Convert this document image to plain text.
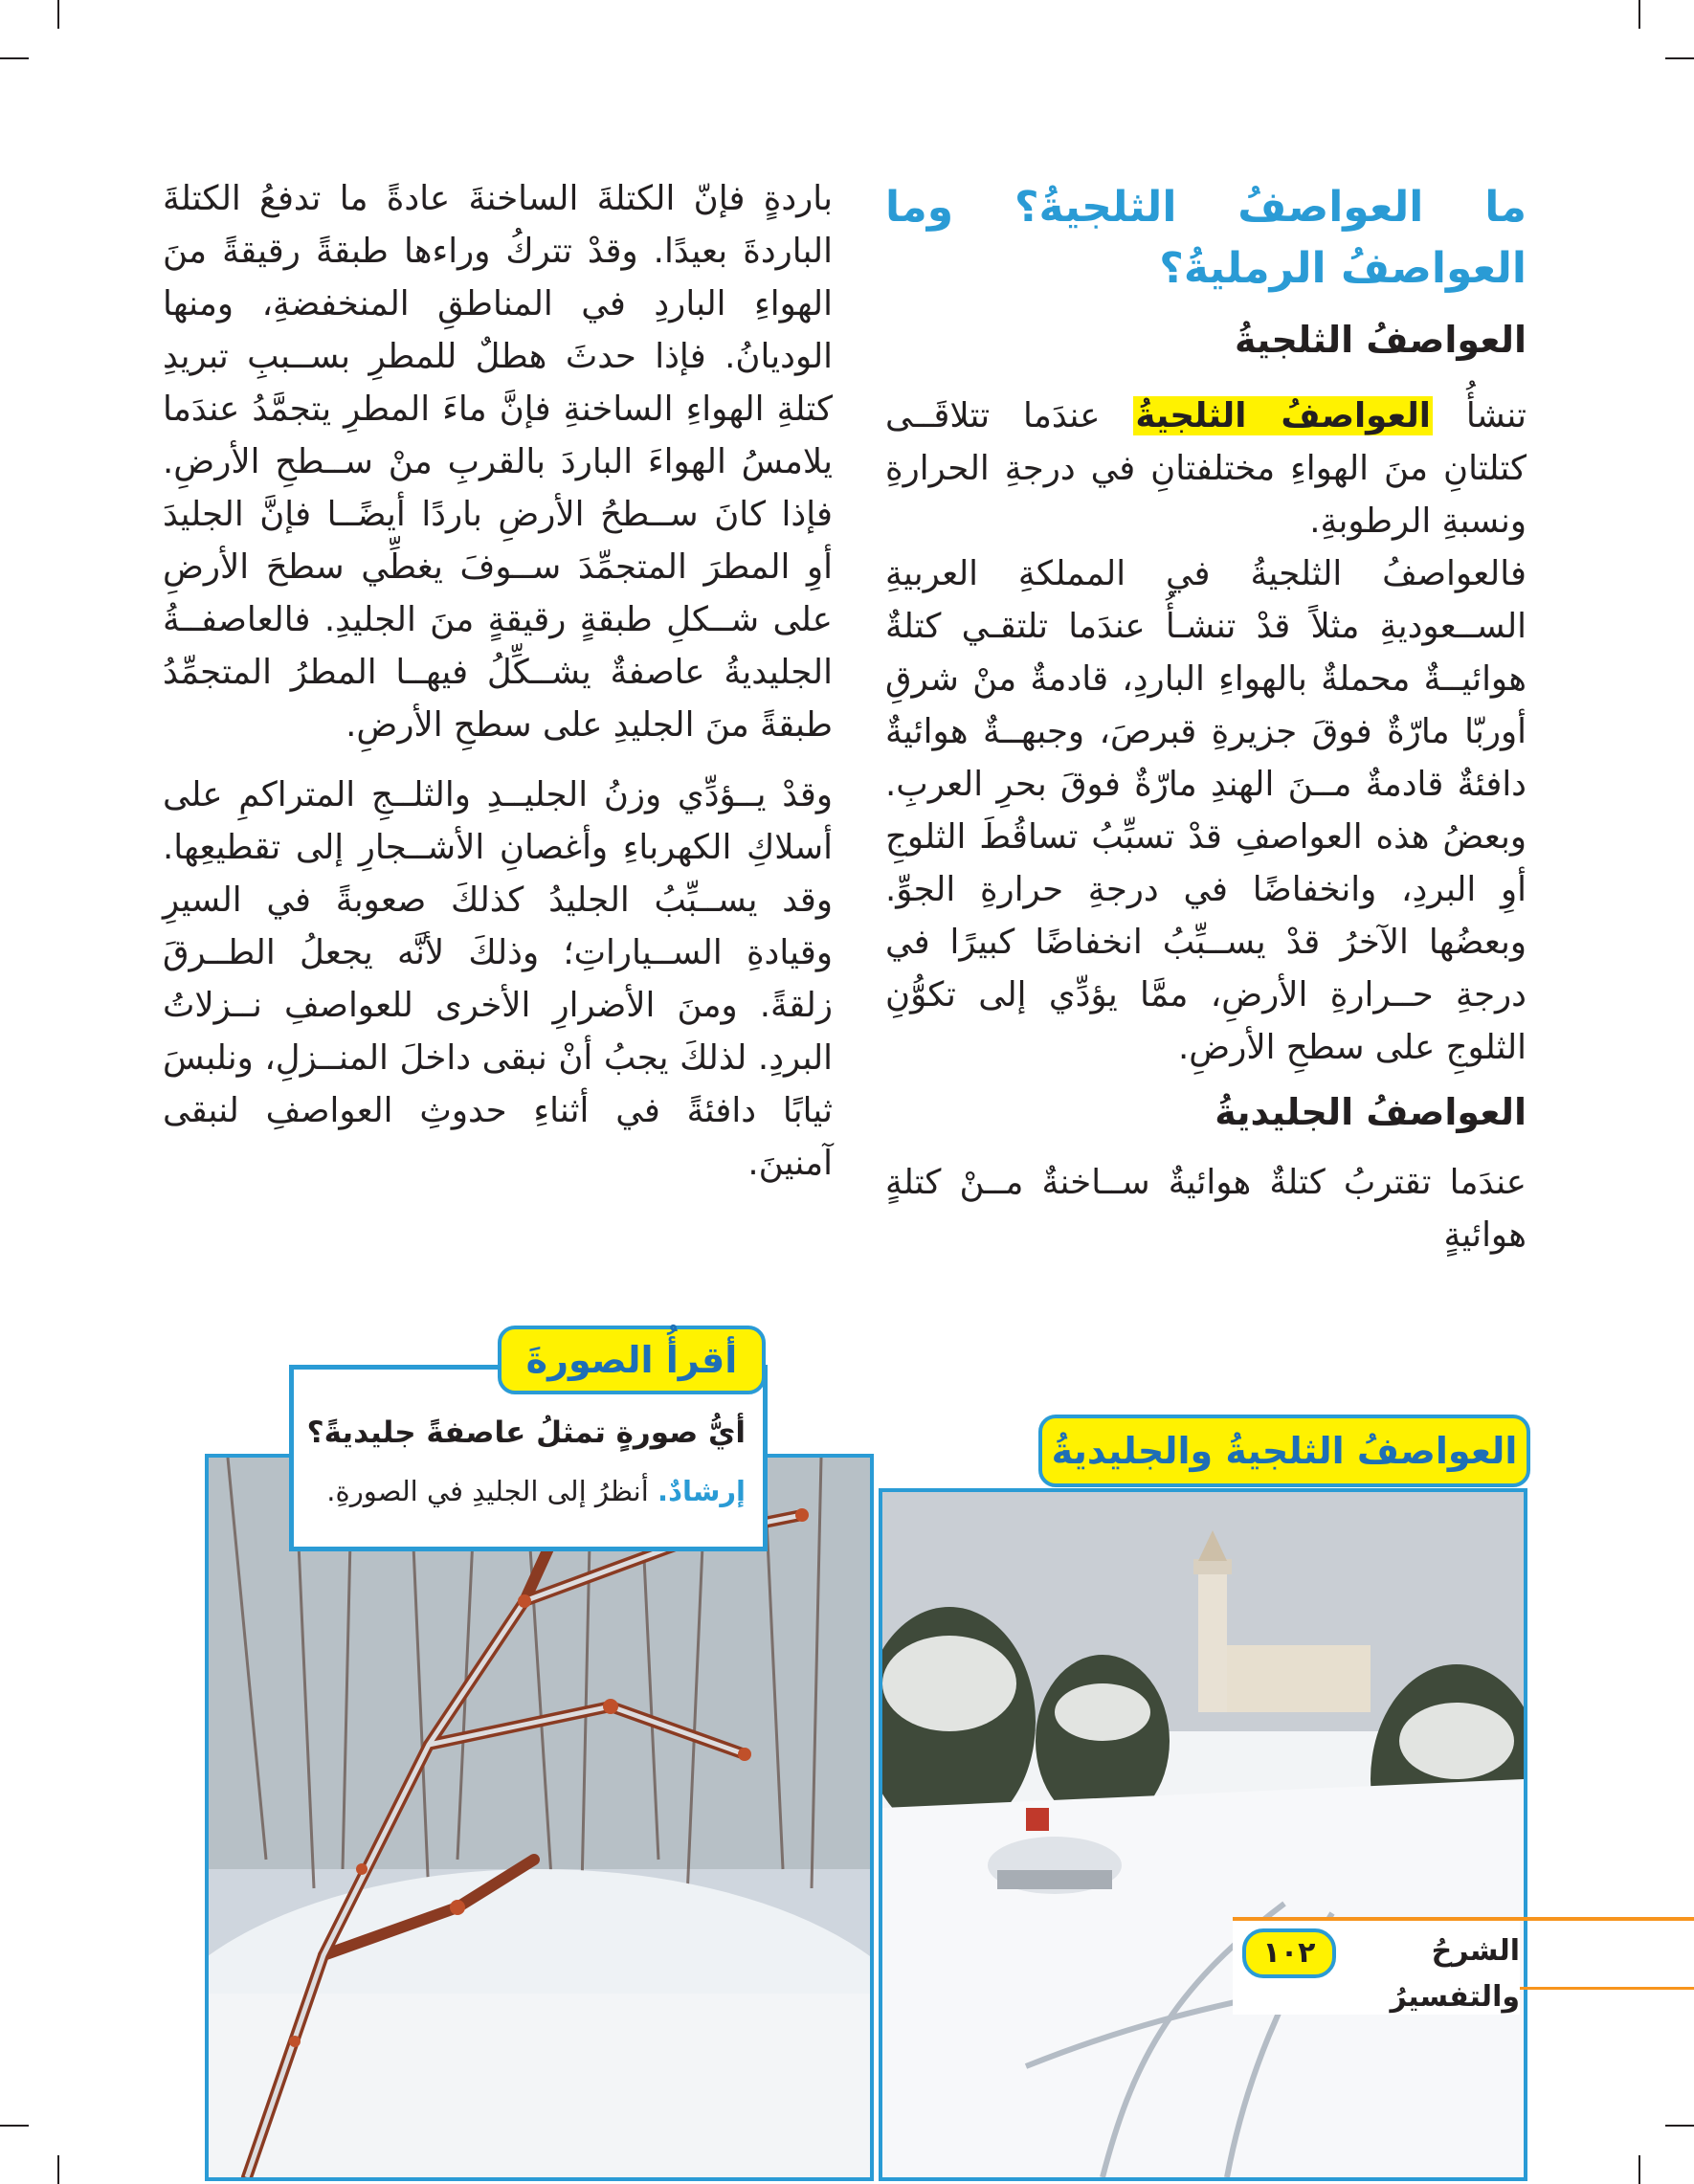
ما العواصفُ الثلجيةُ؟ وما العواصفُ الرمليةُ؟
العواصفُ الثلجيةُ

تنشأُ العواصفُ الثلجيةُ عندَما تتلاقَــى كتلتانِ منَ الهواءِ مختلفتانِ في درجةِ الحرارةِ ونسبةِ الرطوبةِ.

فالعواصفُ الثلجيةُ في المملكةِ العربيةِ الســعوديةِ مثلاً قدْ تنشـأُ عندَما تلتقـي كتلةٌ هوائيــةٌ محملةٌ بالهواءِ الباردِ، قادمةٌ منْ شرقِ أوربّا مارّةٌ فوقَ جزيرةِ قبرصَ، وجبهــةٌ هوائيةٌ دافئةٌ قادمةٌ مــنَ الهندِ مارّةٌ فوقَ بحرِ العربِ. وبعضُ هذه العواصفِ قدْ تسبِّبُ تساقُطَ الثلوجِ أوِ البردِ، وانخفاضًا في درجةِ حرارةِ الجوِّ. وبعضُها الآخرُ قدْ يســبِّبُ انخفاضًا كبيرًا في درجةِ حــرارةِ الأرضِ، ممَّا يؤدِّي إلى تكوُّنِ الثلوجِ على سطحِ الأرضِ.

العواصفُ الجليديةُ

عندَما تقتربُ كتلةٌ هوائيةٌ ســاخنةٌ مــنْ كتلةٍ هوائيةٍ

باردةٍ فإنّ الكتلةَ الساخنةَ عادةً ما تدفعُ الكتلةَ الباردةَ بعيدًا. وقدْ تتركُ وراءها طبقةً رقيقةً منَ الهواءِ الباردِ في المناطقِ المنخفضةِ، ومنها الوديانُ. فإذا حدثَ هطلٌ للمطرِ بســببِ تبريدِ كتلةِ الهواءِ الساخنةِ فإنَّ ماءَ المطرِ يتجمَّدُ عندَما يلامسُ الهواءَ الباردَ بالقربِ منْ ســطحِ الأرضِ. فإذا كانَ ســطحُ الأرضِ باردًا أيضًــا فإنَّ الجليدَ أوِ المطرَ المتجمِّدَ ســوفَ يغطِّي سطحَ الأرضِ على شــكلِ طبقةٍ رقيقةٍ منَ الجليدِ. فالعاصفــةُ الجليديةُ عاصفةٌ يشــكِّلُ فيهــا المطرُ المتجمِّدُ طبقةً منَ الجليدِ على سطحِ الأرضِ.

وقدْ يــؤدِّي وزنُ الجليــدِ والثلــجِ المتراكمِ على أسلاكِ الكهرباءِ وأغصانِ الأشــجارِ إلى تقطيعِها. وقد يســبِّبُ الجليدُ كذلكَ صعوبةً في السيرِ وقيادةِ الســياراتِ؛ وذلكَ لأنَّه يجعلُ الطــرقَ زلقةً. ومنَ الأضرارِ الأخرى للعواصفِ نــزلاتُ البردِ. لذلكَ يجبُ أنْ نبقى داخلَ المنــزلِ، ونلبسَ ثيابًا دافئةً في أثناءِ حدوثِ العواصفِ لنبقى آمنينَ.

أيُّ صورةٍ تمثلُ عاصفةً جليديةً؟
إرشادٌ. أنظرُ إلى الجليدِ في الصورةِ.
أقرأُ الصورةَ
العواصفُ الثلجيةُ والجليديةُ
الشرحُ والتفسيرُ
١٠٢
